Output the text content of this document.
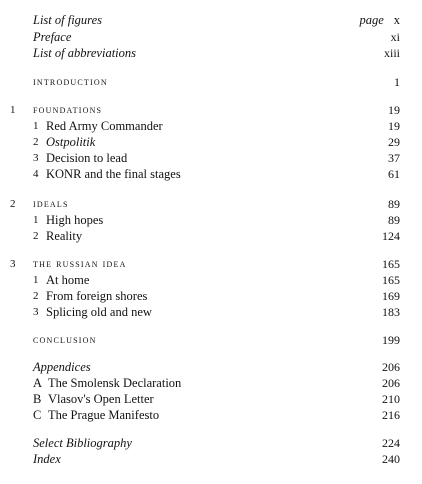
List of figures	page x
Preface	xi
List of abbreviations	xiii
introduction	1
1 foundations	19
1 Red Army Commander	19
2 Ostpolitik	29
3 Decision to lead	37
4 KONR and the final stages	61
2 ideals	89
1 High hopes	89
2 Reality	124
3 the russian idea	165
1 At home	165
2 From foreign shores	169
3 Splicing old and new	183
conclusion	199
Appendices	206
A The Smolensk Declaration	206
B Vlasov's Open Letter	210
C The Prague Manifesto	216
Select Bibliography	224
Index	240
